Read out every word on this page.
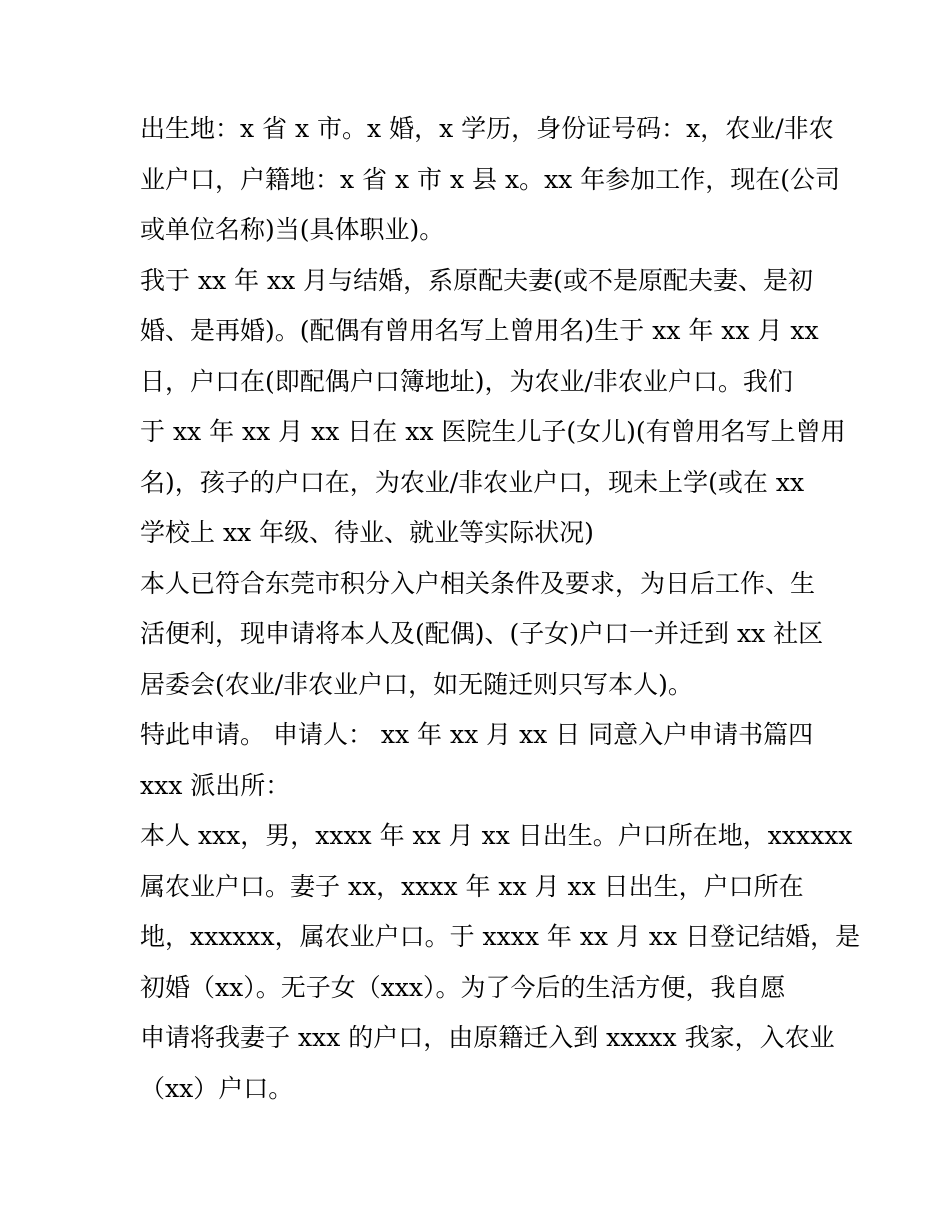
出生地：x 省 x 市。x 婚，x 学历，身份证号码：x，农业/非农
业户口，户籍地：x 省 x 市 x 县 x。xx 年参加工作，现在(公司
或单位名称)当(具体职业)。
我于 xx 年 xx 月与结婚，系原配夫妻(或不是原配夫妻、是初
婚、是再婚)。(配偶有曾用名写上曾用名)生于 xx 年 xx 月 xx
日，户口在(即配偶户口簿地址)，为农业/非农业户口。我们
于 xx 年 xx 月 xx 日在 xx 医院生儿子(女儿)(有曾用名写上曾用
名)，孩子的户口在，为农业/非农业户口，现未上学(或在 xx
学校上 xx 年级、待业、就业等实际状况)
本人已符合东莞市积分入户相关条件及要求，为日后工作、生
活便利，现申请将本人及(配偶)、(子女)户口一并迁到 xx 社区
居委会(农业/非农业户口，如无随迁则只写本人)。
特此申请。 申请人： xx 年 xx 月 xx 日 同意入户申请书篇四
xxx 派出所：
本人 xxx，男，xxxx 年 xx 月 xx 日出生。户口所在地，xxxxxx
属农业户口。妻子 xx，xxxx 年 xx 月 xx 日出生，户口所在
地，xxxxxx，属农业户口。于 xxxx 年 xx 月 xx 日登记结婚，是
初婚（xx）。无子女（xxx）。为了今后的生活方便，我自愿
申请将我妻子 xxx 的户口，由原籍迁入到 xxxxx 我家，入农业
（xx）户口。
